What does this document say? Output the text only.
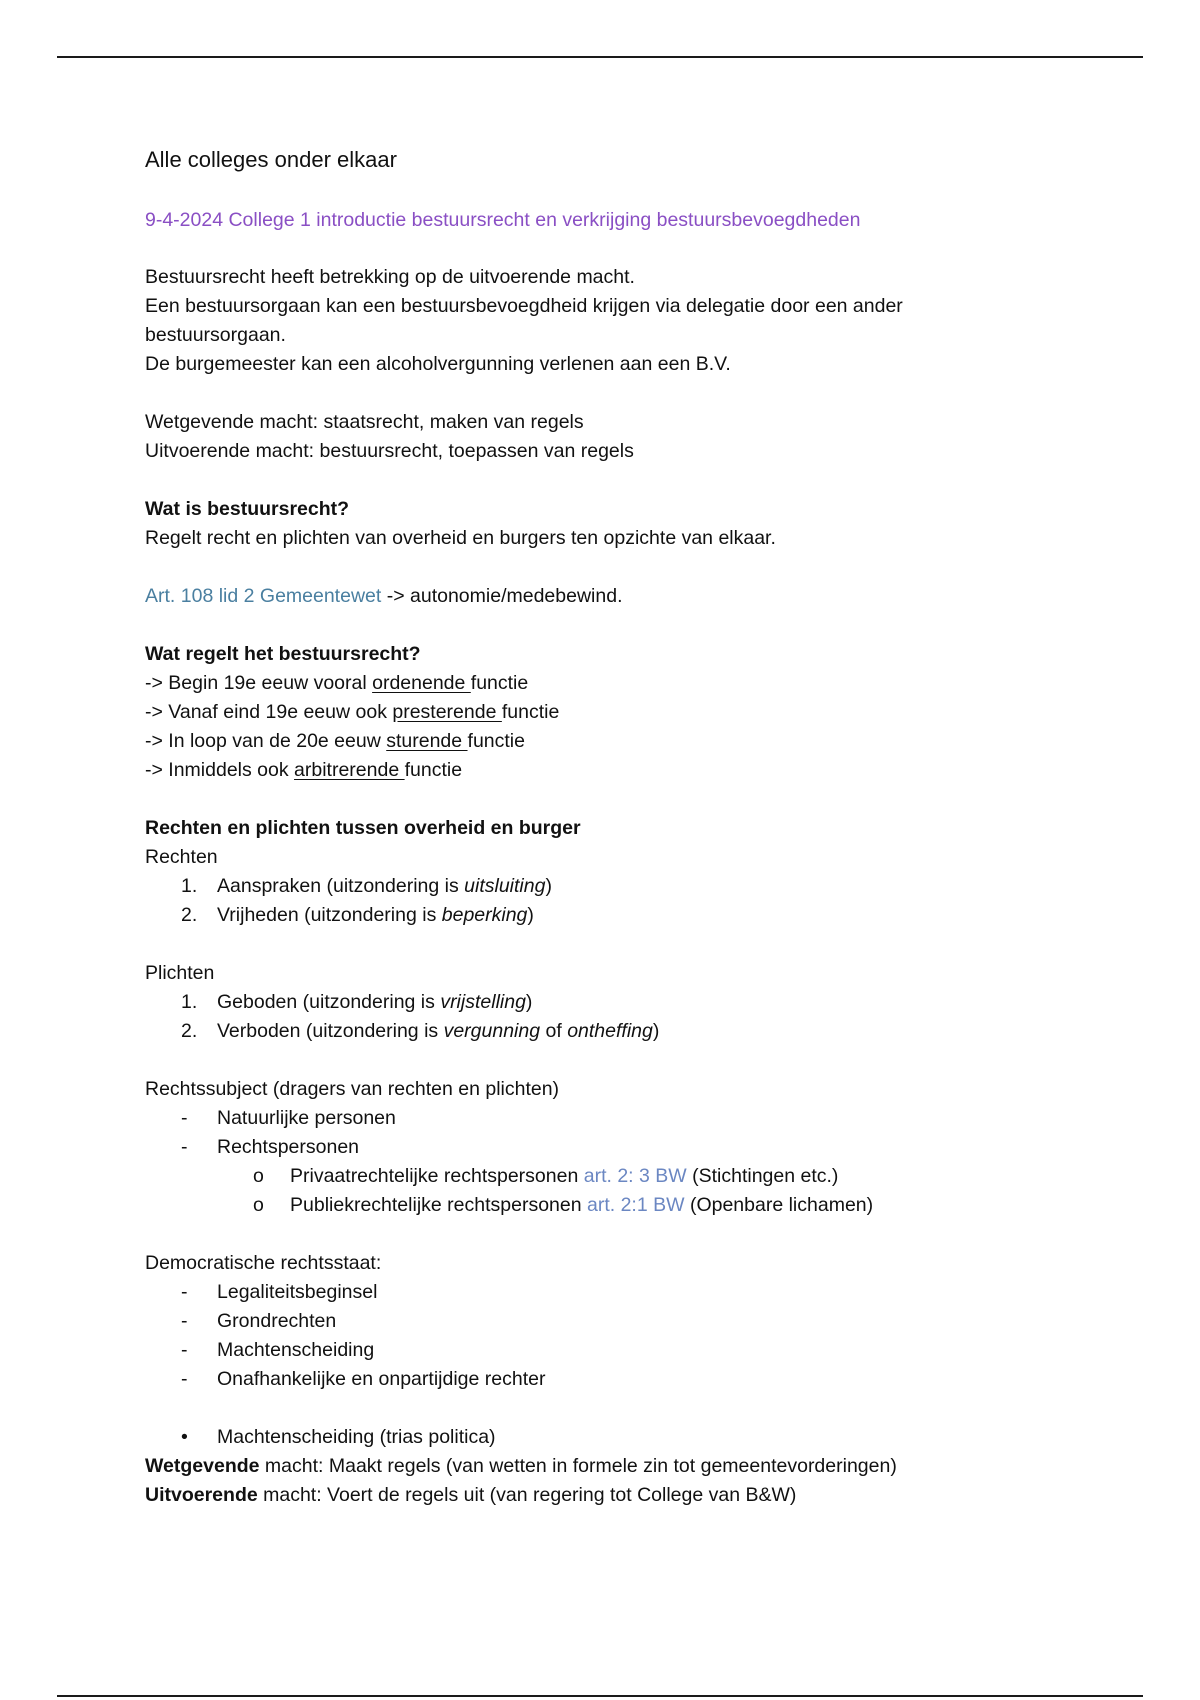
Alle colleges onder elkaar

9-4-2024 College 1 introductie bestuursrecht en verkrijging bestuursbevoegdheden

Bestuursrecht heeft betrekking op de uitvoerende macht.

Een bestuursorgaan kan een bestuursbevoegdheid krijgen via delegatie door een ander

bestuursorgaan.

De burgemeester kan een alcoholvergunning verlenen aan een B.V.

Wetgevende macht: staatsrecht, maken van regels

Uitvoerende macht: bestuursrecht, toepassen van regels

Wat is bestuursrecht?

Regelt recht en plichten van overheid en burgers ten opzichte van elkaar.

Art. 108 lid 2 Gemeentewet -> autonomie/medebewind.

Wat regelt het bestuursrecht?

-> Begin 19e eeuw vooral ordenende functie

-> Vanaf eind 19e eeuw ook presterende functie

-> In loop van de 20e eeuw sturende functie

-> Inmiddels ook arbitrerende functie

Rechten en plichten tussen overheid en burger

Rechten

1. Aanspraken (uitzondering is uitsluiting)
2. Vrijheden (uitzondering is beperking)

Plichten

1. Geboden (uitzondering is vrijstelling)
2. Verboden (uitzondering is vergunning of ontheffing)

Rechtssubject (dragers van rechten en plichten)

- Natuurlijke personen
- Rechtspersonen
o Privaatrechtelijke rechtspersonen art. 2: 3 BW (Stichtingen etc.)
o Publiekrechtelijke rechtspersonen art. 2:1 BW (Openbare lichamen)

Democratische rechtsstaat:

- Legaliteitsbeginsel
- Grondrechten
- Machtenscheiding
- Onafhankelijke en onpartijdige rechter
• Machtenscheiding (trias politica)

Wetgevende macht: Maakt regels (van wetten in formele zin tot gemeentevorderingen)

Uitvoerende macht: Voert de regels uit (van regering tot College van B&W)
